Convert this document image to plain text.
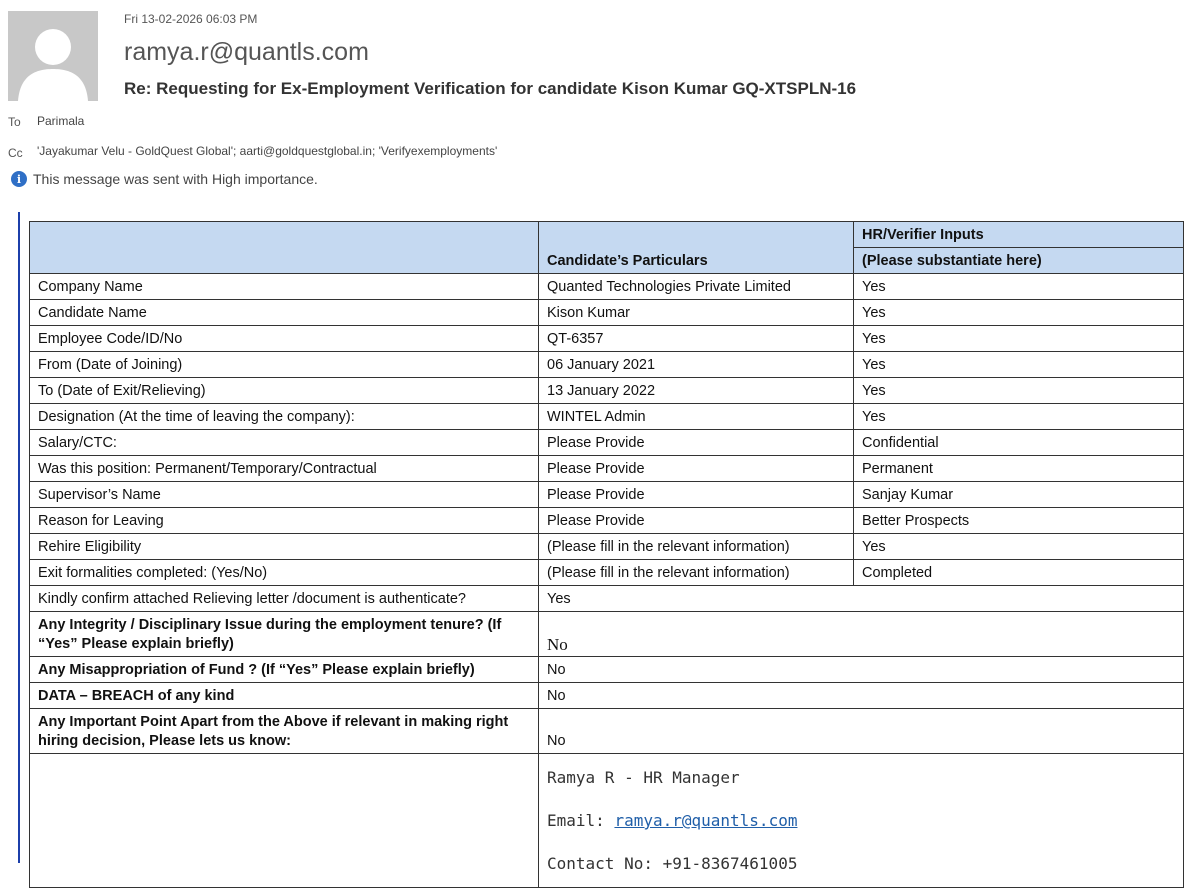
Fri 13-02-2026 06:03 PM
ramya.r@quantls.com
Re: Requesting for Ex-Employment Verification for candidate Kison Kumar GQ-XTSPLN-16
To Parimala
Cc 'Jayakumar Velu - GoldQuest Global'; aarti@goldquestglobal.in; 'Verifyexemployments'
i This message was sent with High importance.
	Candidate’s Particulars	HR/Verifier Inputs
(Please substantiate here)

Company Name	Quanted Technologies Private Limited	Yes
Candidate Name	Kison Kumar	Yes
Employee Code/ID/No	QT-6357	Yes
From (Date of Joining)	06 January 2021	Yes
To (Date of Exit/Relieving)	13 January 2022	Yes
Designation (At the time of leaving the company):	WINTEL Admin	Yes
Salary/CTC:	Please Provide	Confidential
Was this position: Permanent/Temporary/Contractual	Please Provide	Permanent
Supervisor’s Name	Please Provide	Sanjay Kumar
Reason for Leaving	Please Provide	Better Prospects
Rehire Eligibility	(Please fill in the relevant information)	Yes
Exit formalities completed: (Yes/No)	(Please fill in the relevant information)	Completed
Kindly confirm attached Relieving letter /document is authenticate?	Yes	
Any Integrity / Disciplinary Issue during the employment tenure? (If “Yes” Please explain briefly)	No	
Any Misappropriation of Fund ? (If “Yes” Please explain briefly)	No	
DATA – BREACH of any kind	No	
Any Important Point Apart from the Above if relevant in making right hiring decision, Please lets us know:	No	

	Ramya R - HR Manager
Email: ramya.r@quantls.com
Contact No: +91-8367461005	
